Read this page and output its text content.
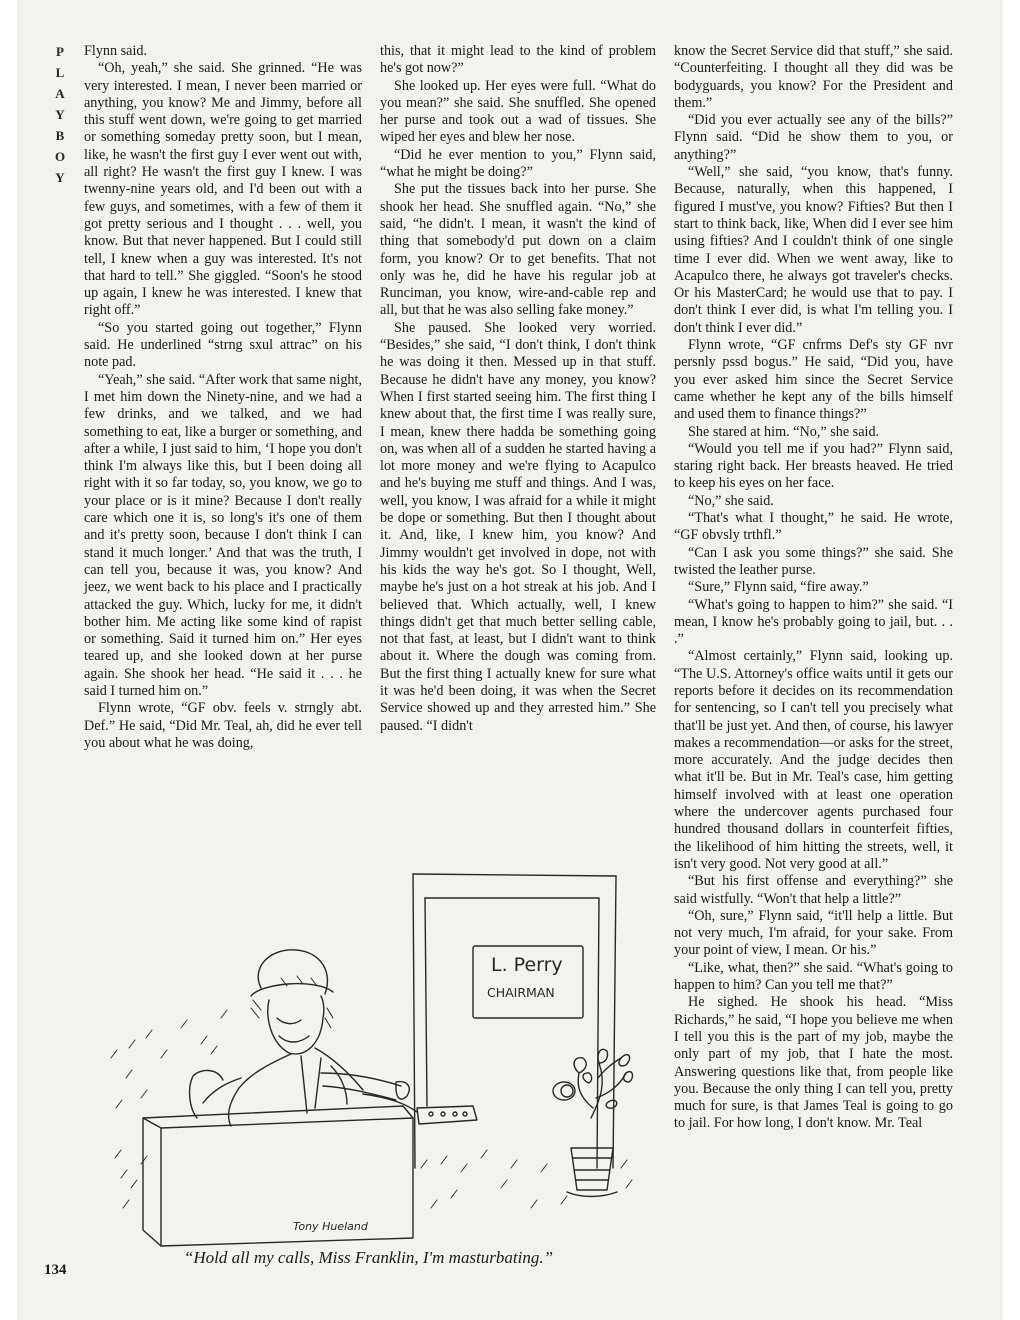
P
L
A
Y
B
O
Y

Flynn said.

“Oh, yeah,” she said. She grinned. “He was very interested. I mean, I never been married or anything, you know? Me and Jimmy, before all this stuff went down, we're going to get married or something someday pretty soon, but I mean, like, he wasn't the first guy I ever went out with, all right? He wasn't the first guy I knew. I was twenny-nine years old, and I'd been out with a few guys, and sometimes, with a few of them it got pretty serious and I thought . . . well, you know. But that never happened. But I could still tell, I knew when a guy was interested. It's not that hard to tell.” She giggled. “Soon's he stood up again, I knew he was interested. I knew that right off.”

“So you started going out together,” Flynn said. He underlined “strng sxul attrac” on his note pad.

“Yeah,” she said. “After work that same night, I met him down the Ninety-nine, and we had a few drinks, and we talked, and we had something to eat, like a burger or something, and after a while, I just said to him, ‘I hope you don't think I'm always like this, but I been doing all right with it so far today, so, you know, we go to your place or is it mine? Because I don't really care which one it is, so long's it's one of them and it's pretty soon, because I don't think I can stand it much longer.’ And that was the truth, I can tell you, because it was, you know? And jeez, we went back to his place and I practically attacked the guy. Which, lucky for me, it didn't bother him. Me acting like some kind of rapist or something. Said it turned him on.” Her eyes teared up, and she looked down at her purse again. She shook her head. “He said it . . . he said I turned him on.”

Flynn wrote, “GF obv. feels v. strngly abt. Def.” He said, “Did Mr. Teal, ah, did he ever tell you about what he was doing,

this, that it might lead to the kind of problem he's got now?”

She looked up. Her eyes were full. “What do you mean?” she said. She snuffled. She opened her purse and took out a wad of tissues. She wiped her eyes and blew her nose.

“Did he ever mention to you,” Flynn said, “what he might be doing?”

She put the tissues back into her purse. She shook her head. She snuffled again. “No,” she said, “he didn't. I mean, it wasn't the kind of thing that somebody'd put down on a claim form, you know? Or to get benefits. That not only was he, did he have his regular job at Runciman, you know, wire-and-cable rep and all, but that he was also selling fake money.”

She paused. She looked very worried. “Besides,” she said, “I don't think, I don't think he was doing it then. Messed up in that stuff. Because he didn't have any money, you know? When I first started seeing him. The first thing I knew about that, the first time I was really sure, I mean, knew there hadda be something going on, was when all of a sudden he started having a lot more money and we're flying to Acapulco and he's buying me stuff and things. And I was, well, you know, I was afraid for a while it might be dope or something. But then I thought about it. And, like, I knew him, you know? And Jimmy wouldn't get involved in dope, not with his kids the way he's got. So I thought, Well, maybe he's just on a hot streak at his job. And I believed that. Which actually, well, I knew things didn't get that much better selling cable, not that fast, at least, but I didn't want to think about it. Where the dough was coming from. But the first thing I actually knew for sure what it was he'd been doing, it was when the Secret Service showed up and they arrested him.” She paused. “I didn't

know the Secret Service did that stuff,” she said. “Counterfeiting. I thought all they did was be bodyguards, you know? For the President and them.”

“Did you ever actually see any of the bills?” Flynn said. “Did he show them to you, or anything?”

“Well,” she said, “you know, that's funny. Because, naturally, when this happened, I figured I must've, you know? Fifties? But then I start to think back, like, When did I ever see him using fifties? And I couldn't think of one single time I ever did. When we went away, like to Acapulco there, he always got traveler's checks. Or his MasterCard; he would use that to pay. I don't think I ever did, is what I'm telling you. I don't think I ever did.”

Flynn wrote, “GF cnfrms Def's sty GF nvr persnly pssd bogus.” He said, “Did you, have you ever asked him since the Secret Service came whether he kept any of the bills himself and used them to finance things?”

She stared at him. “No,” she said.

“Would you tell me if you had?” Flynn said, staring right back. Her breasts heaved. He tried to keep his eyes on her face.

“No,” she said.

“That's what I thought,” he said. He wrote, “GF obvsly trthfl.”

“Can I ask you some things?” she said. She twisted the leather purse.

“Sure,” Flynn said, “fire away.”

“What's going to happen to him?” she said. “I mean, I know he's probably going to jail, but. . . .”

“Almost certainly,” Flynn said, looking up. “The U.S. Attorney's office waits until it gets our reports before it decides on its recommendation for sentencing, so I can't tell you precisely what that'll be just yet. And then, of course, his lawyer makes a recommendation—or asks for the street, more accurately. And the judge decides then what it'll be. But in Mr. Teal's case, him getting himself involved with at least one operation where the undercover agents purchased four hundred thousand dollars in counterfeit fifties, the likelihood of him hitting the streets, well, it isn't very good. Not very good at all.”

“But his first offense and everything?” she said wistfully. “Won't that help a little?”

“Oh, sure,” Flynn said, “it'll help a little. But not very much, I'm afraid, for your sake. From your point of view, I mean. Or his.”

“Like, what, then?” she said. “What's going to happen to him? Can you tell me that?”

He sighed. He shook his head. “Miss Richards,” he said, “I hope you believe me when I tell you this is the part of my job, maybe the only part of my job, that I hate the most. Answering questions like that, from people like you. Because the only thing I can tell you, pretty much for sure, is that James Teal is going to go to jail. For how long, I don't know. Mr. Teal

L. Perry
CHAIRMAN
Tony Hueland
“Hold all my calls, Miss Franklin, I'm masturbating.”
134
